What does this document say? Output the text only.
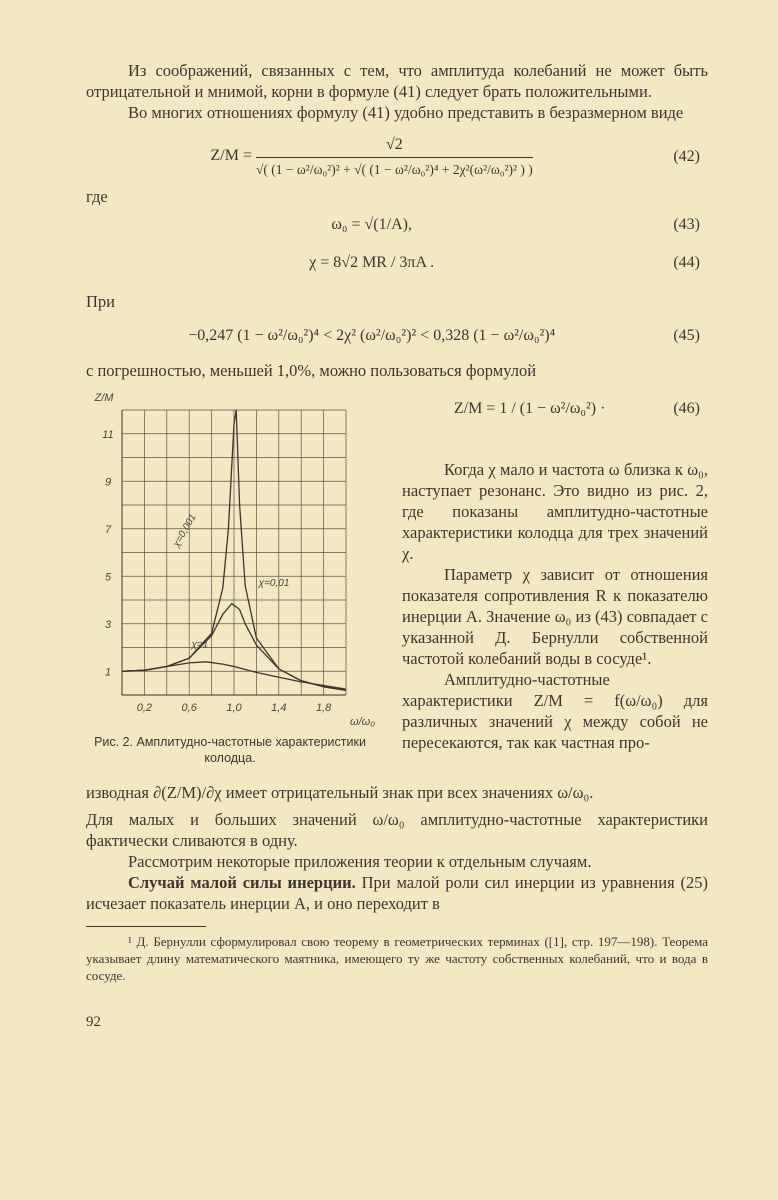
Из соображений, связанных с тем, что амплитуда колебаний не может быть отрицательной и мнимой, корни в формуле (41) следует брать положительными.

Во многих отношениях формулу (41) удобно представить в безразмерном виде

$Z/M = \frac{√2}{\text{√( (1 − ω²/ω₀²)² + √( (1 − ω²/ω₀²)⁴ + 2χ²(ω²/ω₀²)² ) )}}$	(42)

где

ω₀ = √(1/A),	(43)
χ = 8√2 MR / 3πA .	(44)

При

−0,247 (1 − ω²/ω₀²)⁴ < 2χ² (ω²/ω₀²)² < 0,328 (1 − ω²/ω₀²)⁴	(45)

с погрешностью, меньшей 1,0%, можно пользоваться формулой

0,2	0,6	1,0	1,4	1,8
1
3
5
7
9
11
Z/M
ω/ω₀
χ=0,001
χ=0,01
χ=1
Рис. 2. Амплитудно-частотные характеристики колодца.
Z/M = 1 / (1 − ω²/ω₀²) ·	(46)

Когда χ мало и частота ω близка к ω₀, наступает резонанс. Это видно из рис. 2, где показаны амплитудно-частотные характеристики колодца для трех значений χ.

Параметр χ зависит от отношения показателя сопротивления R к показателю инерции A. Значение ω₀ из (43) совпадает с указанной Д. Бернулли собственной частотой колебаний воды в сосуде¹.

Амплитудно-частотные характеристики Z/M = f(ω/ω₀) для различных значений χ между собой не пересекаются, так как частная про-

изводная ∂(Z/M)/∂χ имеет отрицательный знак при всех значениях ω/ω₀.

Для малых и больших значений ω/ω₀ амплитудно-частотные характеристики фактически сливаются в одну.

Рассмотрим некоторые приложения теории к отдельным случаям.

Случай малой силы инерции. При малой роли сил инерции из уравнения (25) исчезает показатель инерции A, и оно переходит в

¹ Д. Бернулли сформулировал свою теорему в геометрических терминах ([1], стр. 197—198). Теорема указывает длину математического маятника, имеющего ту же частоту собственных колебаний, что и вода в сосуде.

92
